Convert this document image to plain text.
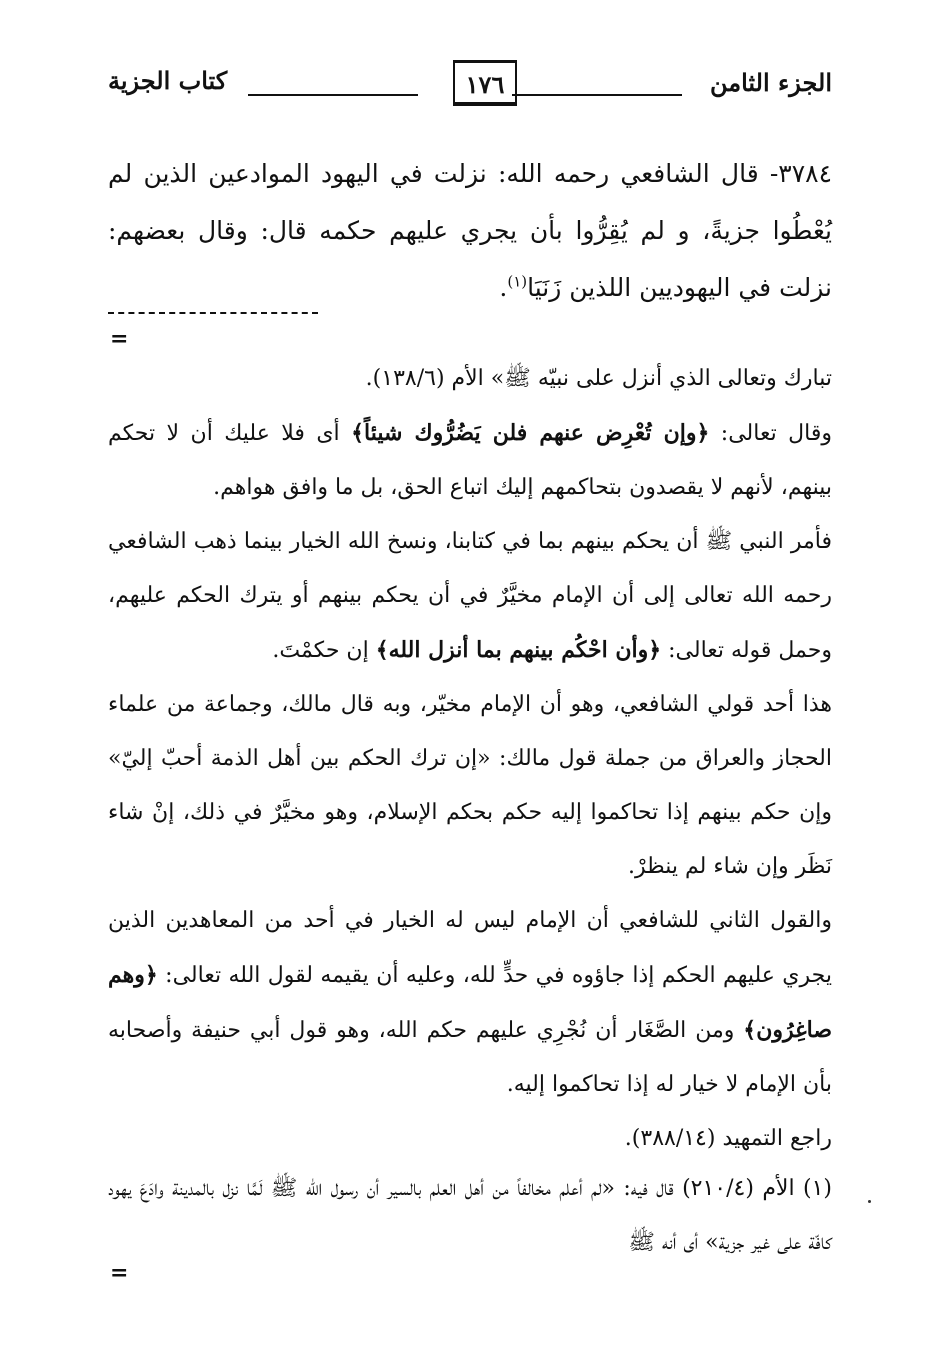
الجزء الثامن
١٧٦
كتاب الجزية
٣٧٨٤- قال الشافعي رحمه الله: نزلت في اليهود الموادعين الذين لم يُعْطُوا جزيةً، و لم يُقِرُّوا بأن يجري عليهم حكمه قال: وقال بعضهم: نزلت في اليهوديين اللذين زَنَيَا$^{(١)}$.
=

تبارك وتعالى الذي أنزل على نبيّه ﷺ» الأم (١٣٨/٦).

وقال تعالى: ﴿وإن تُعْرِض عنهم فلن يَضُرُّوك شيئاً﴾ أى فلا عليك أن لا تحكم بينهم، لأنهم لا يقصدون بتحاكمهم إليك اتباع الحق، بل ما وافق هواهم.

فأمر النبي ﷺ أن يحكم بينهم بما في كتابنا، ونسخ الله الخيار بينما ذهب الشافعي رحمه الله تعالى إلى أن الإمام مخيَّرٌ في أن يحكم بينهم أو يترك الحكم عليهم، وحمل قوله تعالى: ﴿وأن احْكُم بينهم بما أنزل الله﴾ إن حكمْتَ.

هذا أحد قولي الشافعي، وهو أن الإمام مخيّر، وبه قال مالك، وجماعة من علماء الحجاز والعراق من جملة قول مالك: «إن ترك الحكم بين أهل الذمة أحبّ إليّ» وإن حكم بينهم إذا تحاكموا إليه حكم بحكم الإسلام، وهو مخيَّرٌ في ذلك، إنْ شاء نَظَر وإن شاء لم ينظرْ.

والقول الثاني للشافعي أن الإمام ليس له الخيار في أحد من المعاهدين الذين يجري عليهم الحكم إذا جاؤوه في حدٍّ لله، وعليه أن يقيمه لقول الله تعالى: ﴿وهم صاغِرُون﴾ ومن الصَّغَار أن نُجْرِي عليهم حكم الله، وهو قول أبي حنيفة وأصحابه بأن الإمام لا خيار له إذا تحاكموا إليه.

راجع التمهيد (٣٨٨/١٤).

(١) الأم (٢١٠/٤) قال فيه: «لم أعلم مخالفاً من أهل العلم بالسير أن رسول الله ﷺ لَمَّا نزل بالمدينة وادَعَ يهود كافّة على غير جزية» أى أنه ﷺ

=
